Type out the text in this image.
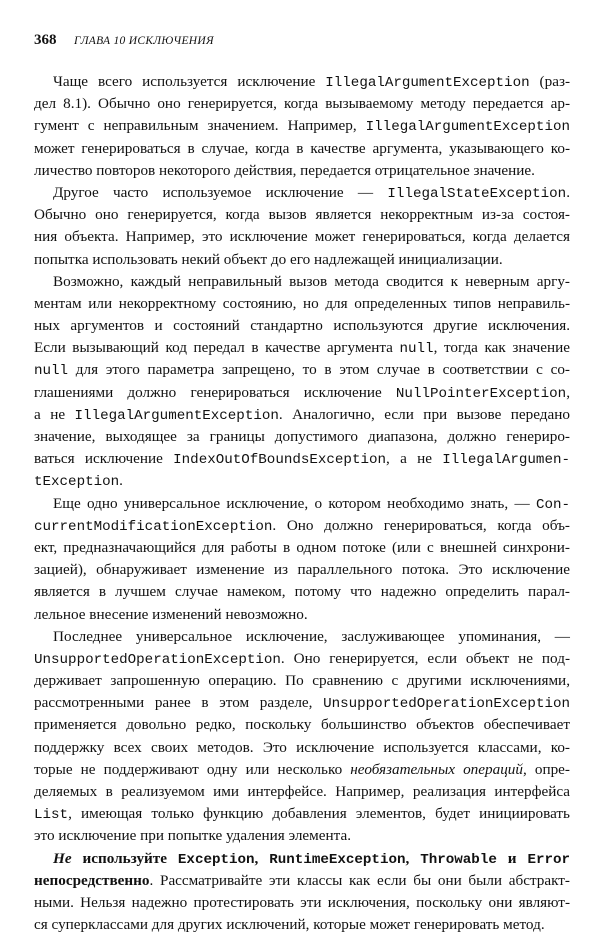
368 ГЛАВА 10 ИСКЛЮЧЕНИЯ
Чаще всего используется исключение IllegalArgumentException (раз-
дел 8.1). Обычно оно генерируется, когда вызываемому методу передается ар-
гумент с неправильным значением. Например, IllegalArgumentException
может генерироваться в случае, когда в качестве аргумента, указывающего ко-
личество повторов некоторого действия, передается отрицательное значение.
Другое часто используемое исключение — IllegalStateException.
Обычно оно генерируется, когда вызов является некорректным из-за состоя-
ния объекта. Например, это исключение может генерироваться, когда делается
попытка использовать некий объект до его надлежащей инициализации.
Возможно, каждый неправильный вызов метода сводится к неверным аргу-
ментам или некорректному состоянию, но для определенных типов неправиль-
ных аргументов и состояний стандартно используются другие исключения.
Если вызывающий код передал в качестве аргумента null, тогда как значение
null для этого параметра запрещено, то в этом случае в соответствии с со-
глашениями должно генерироваться исключение NullPointerException,
а не IllegalArgumentException. Аналогично, если при вызове передано
значение, выходящее за границы допустимого диапазона, должно генериро-
ваться исключение IndexOutOfBoundsException, а не IllegalArgumen-
tException.
Еще одно универсальное исключение, о котором необходимо знать, — Con-
currentModificationException. Оно должно генерироваться, когда объ-
ект, предназначающийся для работы в одном потоке (или с внешней синхрони-
зацией), обнаруживает изменение из параллельного потока. Это исключение
является в лучшем случае намеком, потому что надежно определить парал-
лельное внесение изменений невозможно.
Последнее универсальное исключение, заслуживающее упоминания, —
UnsupportedOperationException. Оно генерируется, если объект не под-
держивает запрошенную операцию. По сравнению с другими исключениями,
рассмотренными ранее в этом разделе, UnsupportedOperationException
применяется довольно редко, поскольку большинство объектов обеспечивает
поддержку всех своих методов. Это исключение используется классами, ко-
торые не поддерживают одну или несколько необязательных операций, опре-
деляемых в реализуемом ими интерфейсе. Например, реализация интерфейса
List, имеющая только функцию добавления элементов, будет инициировать
это исключение при попытке удаления элемента.
Не используйте Exception, RuntimeException, Throwable и Error
непосредственно. Рассматривайте эти классы как если бы они были абстракт-
ными. Нельзя надежно протестировать эти исключения, поскольку они являют-
ся суперклассами для других исключений, которые может генерировать метод.
